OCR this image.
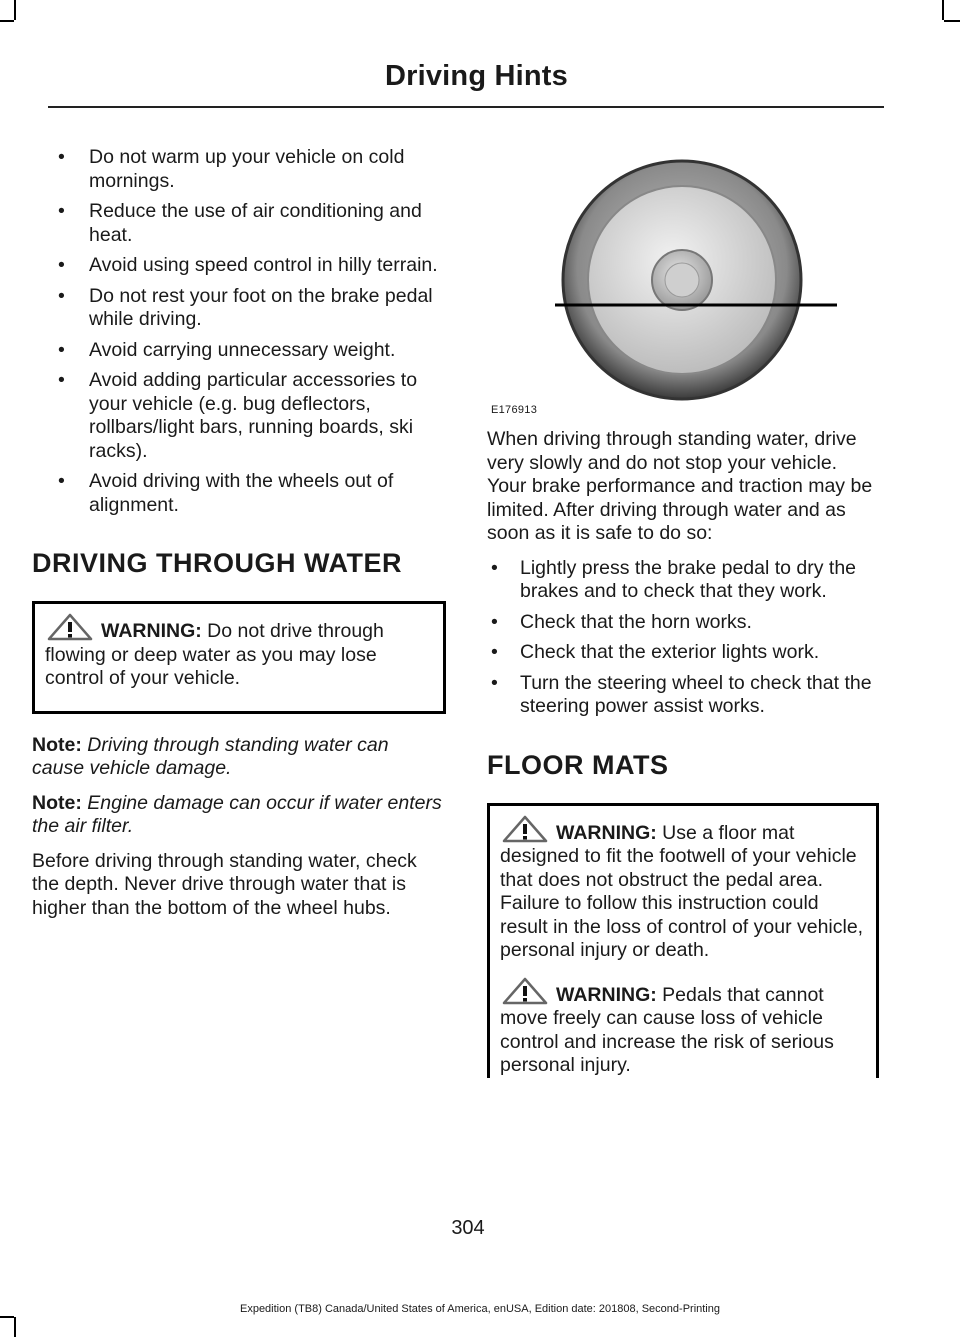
Driving Hints
• Do not warm up your vehicle on cold mornings.
• Reduce the use of air conditioning and heat.
• Avoid using speed control in hilly terrain.
• Do not rest your foot on the brake pedal while driving.
• Avoid carrying unnecessary weight.
• Avoid adding particular accessories to your vehicle (e.g. bug deflectors, rollbars/light bars, running boards, ski racks).
• Avoid driving with the wheels out of alignment.
DRIVING THROUGH WATER

WARNING: Do not drive through flowing or deep water as you may lose control of your vehicle.

Note: Driving through standing water can cause vehicle damage.

Note: Engine damage can occur if water enters the air filter.

Before driving through standing water, check the depth. Never drive through water that is higher than the bottom of the wheel hubs.

E176913

When driving through standing water, drive very slowly and do not stop your vehicle. Your brake performance and traction may be limited. After driving through water and as soon as it is safe to do so:

• Lightly press the brake pedal to dry the brakes and to check that they work.
• Check that the horn works.
• Check that the exterior lights work.
• Turn the steering wheel to check that the steering power assist works.
FLOOR MATS

WARNING: Use a floor mat designed to fit the footwell of your vehicle that does not obstruct the pedal area. Failure to follow this instruction could result in the loss of control of your vehicle, personal injury or death.

WARNING: Pedals that cannot move freely can cause loss of vehicle control and increase the risk of serious personal injury.

304
Expedition (TB8) Canada/United States of America, enUSA, Edition date: 201808, Second-Printing
